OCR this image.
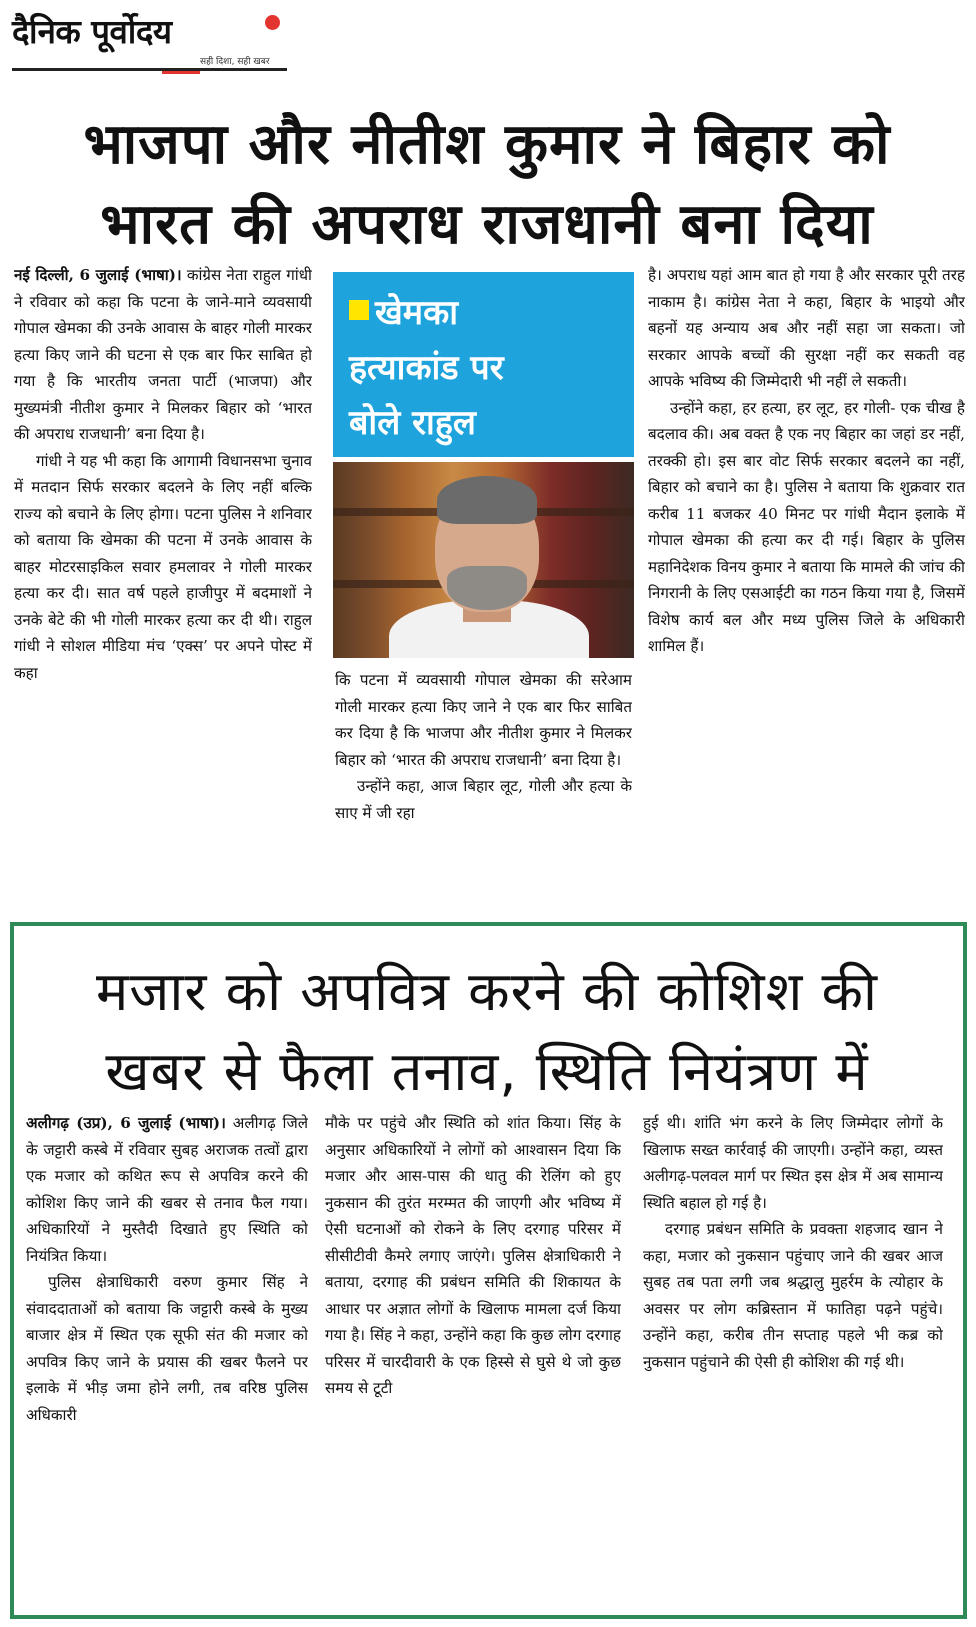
दैनिक पूर्वोदय
सही दिशा, सही खबर
भाजपा और नीतीश कुमार ने बिहार को
भारत की अपराध राजधानी बना दिया

नई दिल्ली, 6 जुलाई (भाषा)। कांग्रेस नेता राहुल गांधी ने रविवार को कहा कि पटना के जाने-माने व्यवसायी गोपाल खेमका की उनके आवास के बाहर गोली मारकर हत्या किए जाने की घटना से एक बार फिर साबित हो गया है कि भारतीय जनता पार्टी (भाजपा) और मुख्यमंत्री नीतीश कुमार ने मिलकर बिहार को ‘भारत की अपराध राजधानी’ बना दिया है।

गांधी ने यह भी कहा कि आगामी विधानसभा चुनाव में मतदान सिर्फ सरकार बदलने के लिए नहीं बल्कि राज्य को बचाने के लिए होगा। पटना पुलिस ने शनिवार को बताया कि खेमका की पटना में उनके आवास के बाहर मोटरसाइकिल सवार हमलावर ने गोली मारकर हत्या कर दी। सात वर्ष पहले हाजीपुर में बदमाशों ने उनके बेटे की भी गोली मारकर हत्या कर दी थी। राहुल गांधी ने सोशल मीडिया मंच ‘एक्स’ पर अपने पोस्ट में कहा

खेमका
हत्याकांड पर
बोले राहुल

कि पटना में व्यवसायी गोपाल खेमका की सरेआम गोली मारकर हत्या किए जाने ने एक बार फिर साबित कर दिया है कि भाजपा और नीतीश कुमार ने मिलकर बिहार को ‘भारत की अपराध राजधानी’ बना दिया है।

उन्होंने कहा, आज बिहार लूट, गोली और हत्या के साए में जी रहा

है। अपराध यहां आम बात हो गया है और सरकार पूरी तरह नाकाम है। कांग्रेस नेता ने कहा, बिहार के भाइयो और बहनों यह अन्याय अब और नहीं सहा जा सकता। जो सरकार आपके बच्चों की सुरक्षा नहीं कर सकती वह आपके भविष्य की जिम्मेदारी भी नहीं ले सकती।

उन्होंने कहा, हर हत्या, हर लूट, हर गोली- एक चीख है बदलाव की। अब वक्त है एक नए बिहार का जहां डर नहीं, तरक्की हो। इस बार वोट सिर्फ सरकार बदलने का नहीं, बिहार को बचाने का है। पुलिस ने बताया कि शुक्रवार रात करीब 11 बजकर 40 मिनट पर गांधी मैदान इलाके में गोपाल खेमका की हत्या कर दी गई। बिहार के पुलिस महानिदेशक विनय कुमार ने बताया कि मामले की जांच की निगरानी के लिए एसआईटी का गठन किया गया है, जिसमें विशेष कार्य बल और मध्य पुलिस जिले के अधिकारी शामिल हैं।

मजार को अपवित्र करने की कोशिश की
खबर से फैला तनाव, स्थिति नियंत्रण में

अलीगढ़ (उप्र), 6 जुलाई (भाषा)। अलीगढ़ जिले के जट्टारी कस्बे में रविवार सुबह अराजक तत्वों द्वारा एक मजार को कथित रूप से अपवित्र करने की कोशिश किए जाने की खबर से तनाव फैल गया। अधिकारियों ने मुस्तैदी दिखाते हुए स्थिति को नियंत्रित किया।

पुलिस क्षेत्राधिकारी वरुण कुमार सिंह ने संवाददाताओं को बताया कि जट्टारी कस्बे के मुख्य बाजार क्षेत्र में स्थित एक सूफी संत की मजार को अपवित्र किए जाने के प्रयास की खबर फैलने पर इलाके में भीड़ जमा होने लगी, तब वरिष्ठ पुलिस अधिकारी

मौके पर पहुंचे और स्थिति को शांत किया। सिंह के अनुसार अधिकारियों ने लोगों को आश्वासन दिया कि मजार और आस-पास की धातु की रेलिंग को हुए नुकसान की तुरंत मरम्मत की जाएगी और भविष्य में ऐसी घटनाओं को रोकने के लिए दरगाह परिसर में सीसीटीवी कैमरे लगाए जाएंगे। पुलिस क्षेत्राधिकारी ने बताया, दरगाह की प्रबंधन समिति की शिकायत के आधार पर अज्ञात लोगों के खिलाफ मामला दर्ज किया गया है। सिंह ने कहा, उन्होंने कहा कि कुछ लोग दरगाह परिसर में चारदीवारी के एक हिस्से से घुसे थे जो कुछ समय से टूटी

हुई थी। शांति भंग करने के लिए जिम्मेदार लोगों के खिलाफ सख्त कार्रवाई की जाएगी। उन्होंने कहा, व्यस्त अलीगढ़-पलवल मार्ग पर स्थित इस क्षेत्र में अब सामान्य स्थिति बहाल हो गई है।

दरगाह प्रबंधन समिति के प्रवक्ता शहजाद खान ने कहा, मजार को नुकसान पहुंचाए जाने की खबर आज सुबह तब पता लगी जब श्रद्धालु मुहर्रम के त्योहार के अवसर पर लोग कब्रिस्तान में फातिहा पढ़ने पहुंचे। उन्होंने कहा, करीब तीन सप्ताह पहले भी कब्र को नुकसान पहुंचाने की ऐसी ही कोशिश की गई थी।
